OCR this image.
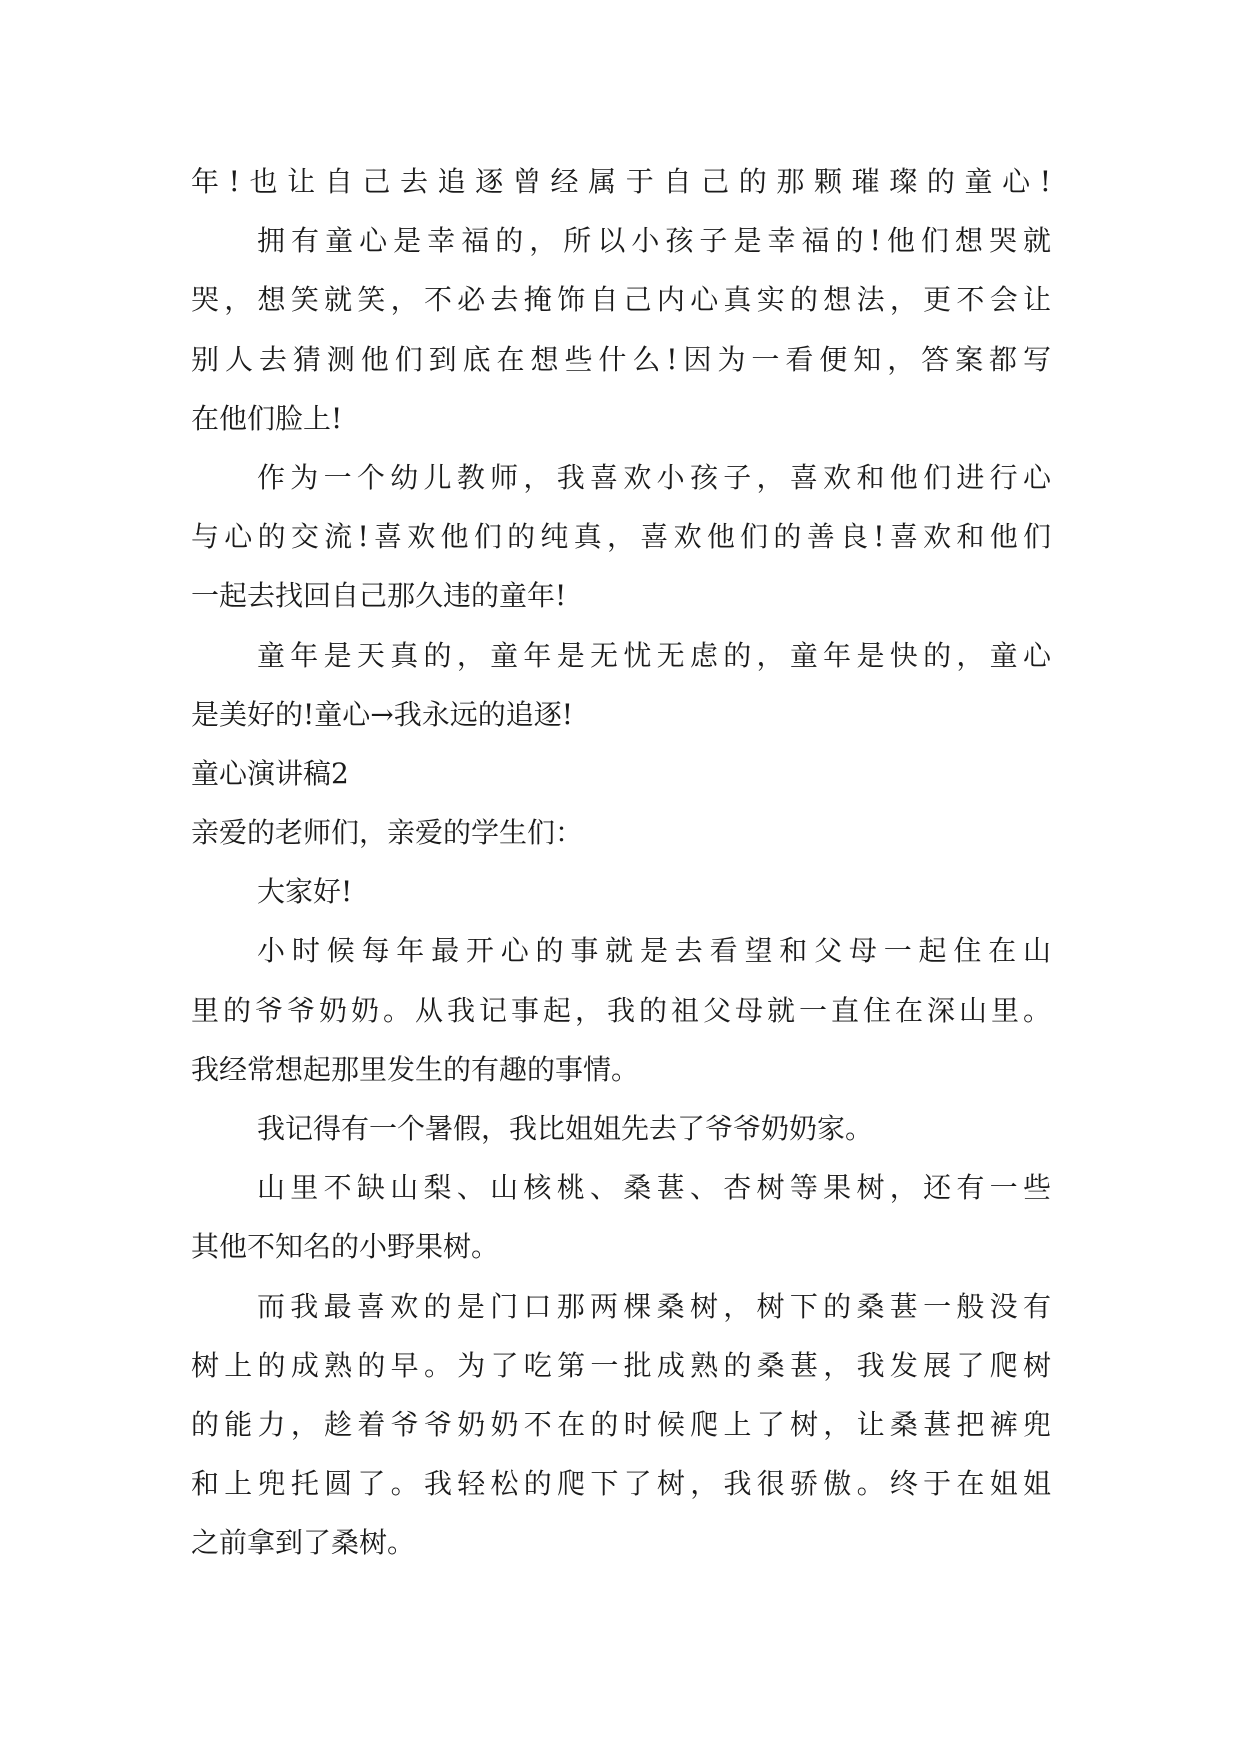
年!也让自己去追逐曾经属于自己的那颗璀璨的童心!
拥有童心是幸福的，所以小孩子是幸福的!他们想哭就
哭，想笑就笑，不必去掩饰自己内心真实的想法，更不会让
别人去猜测他们到底在想些什么!因为一看便知，答案都写
在他们脸上!
作为一个幼儿教师，我喜欢小孩子，喜欢和他们进行心
与心的交流!喜欢他们的纯真，喜欢他们的善良!喜欢和他们
一起去找回自己那久违的童年!
童年是天真的，童年是无忧无虑的，童年是快的，童心
是美好的!童心→我永远的追逐!
童心演讲稿2
亲爱的老师们，亲爱的学生们：
大家好!
小时候每年最开心的事就是去看望和父母一起住在山
里的爷爷奶奶。从我记事起，我的祖父母就一直住在深山里。
我经常想起那里发生的有趣的事情。
我记得有一个暑假，我比姐姐先去了爷爷奶奶家。
山里不缺山梨、山核桃、桑葚、杏树等果树，还有一些
其他不知名的小野果树。
而我最喜欢的是门口那两棵桑树，树下的桑葚一般没有
树上的成熟的早。为了吃第一批成熟的桑葚，我发展了爬树
的能力，趁着爷爷奶奶不在的时候爬上了树，让桑葚把裤兜
和上兜托圆了。我轻松的爬下了树，我很骄傲。终于在姐姐
之前拿到了桑树。
